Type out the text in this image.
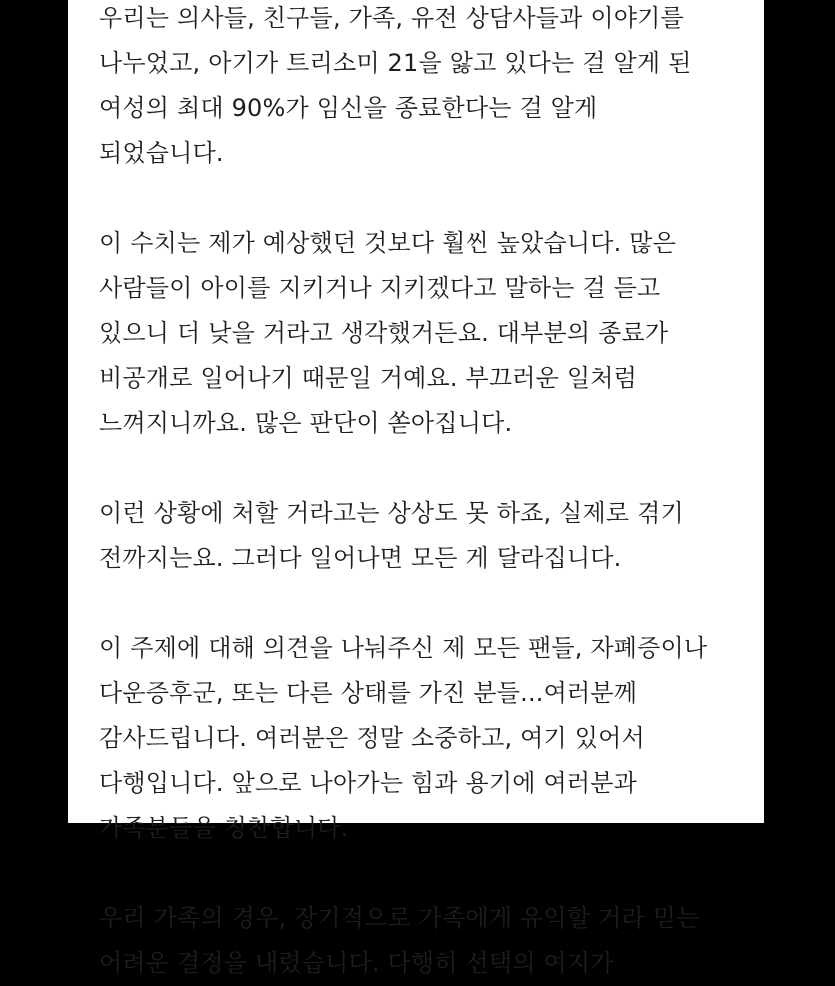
우리는 의사들, 친구들, 가족, 유전 상담사들과 이야기를
나누었고, 아기가 트리소미 21을 앓고 있다는 걸 알게 된
여성의 최대 90%가 임신을 종료한다는 걸 알게
되었습니다.
이 수치는 제가 예상했던 것보다 훨씬 높았습니다. 많은
사람들이 아이를 지키거나 지키겠다고 말하는 걸 듣고
있으니 더 낮을 거라고 생각했거든요. 대부분의 종료가
비공개로 일어나기 때문일 거예요. 부끄러운 일처럼
느껴지니까요. 많은 판단이 쏟아집니다.
이런 상황에 처할 거라고는 상상도 못 하죠, 실제로 겪기
전까지는요. 그러다 일어나면 모든 게 달라집니다.
이 주제에 대해 의견을 나눠주신 제 모든 팬들, 자폐증이나
다운증후군, 또는 다른 상태를 가진 분들...여러분께
감사드립니다. 여러분은 정말 소중하고, 여기 있어서
다행입니다. 앞으로 나아가는 힘과 용기에 여러분과
가족분들을 칭찬합니다.
우리 가족의 경우, 장기적으로 가족에게 유익할 거라 믿는
어려운 결정을 내렸습니다. 다행히 선택의 여지가
